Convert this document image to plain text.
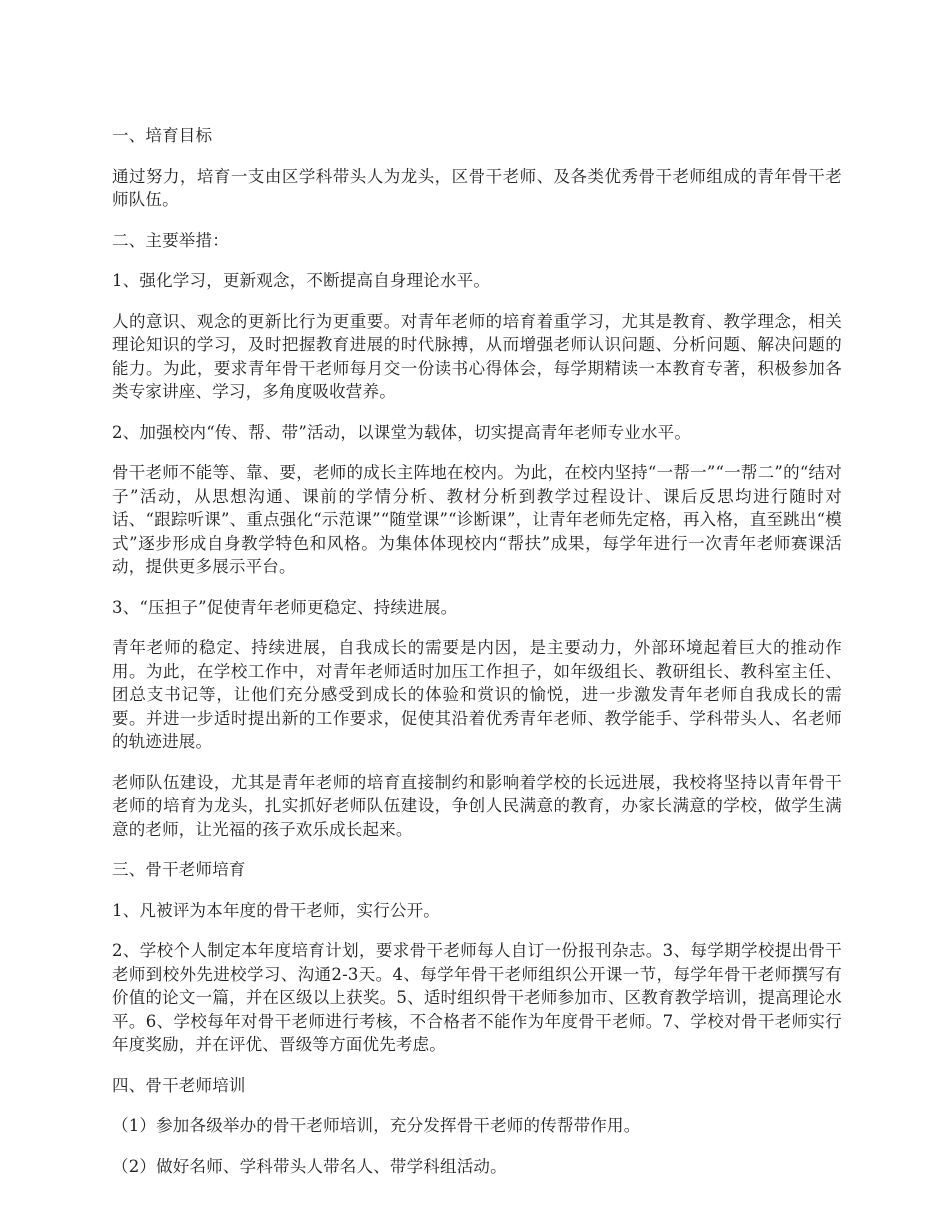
一、培育目标

通过努力，培育一支由区学科带头人为龙头，区骨干老师、及各类优秀骨干老师组成的青年骨干老师队伍。

二、主要举措：

1、强化学习，更新观念，不断提高自身理论水平。

人的意识、观念的更新比行为更重要。对青年老师的培育着重学习，尤其是教育、教学理念，相关理论知识的学习，及时把握教育进展的时代脉搏，从而增强老师认识问题、分析问题、解决问题的能力。为此，要求青年骨干老师每月交一份读书心得体会，每学期精读一本教育专著，积极参加各类专家讲座、学习，多角度吸收营养。

2、加强校内“传、帮、带”活动，以课堂为载体，切实提高青年老师专业水平。

骨干老师不能等、靠、要，老师的成长主阵地在校内。为此，在校内坚持“一帮一”“一帮二”的“结对子”活动，从思想沟通、课前的学情分析、教材分析到教学过程设计、课后反思均进行随时对话、“跟踪听课”、重点强化“示范课”“随堂课”“诊断课”，让青年老师先定格，再入格，直至跳出“模式”逐步形成自身教学特色和风格。为集体体现校内“帮扶”成果，每学年进行一次青年老师赛课活动，提供更多展示平台。

3、“压担子”促使青年老师更稳定、持续进展。

青年老师的稳定、持续进展，自我成长的需要是内因，是主要动力，外部环境起着巨大的推动作用。为此，在学校工作中，对青年老师适时加压工作担子，如年级组长、教研组长、教科室主任、团总支书记等，让他们充分感受到成长的体验和赏识的愉悦，进一步激发青年老师自我成长的需要。并进一步适时提出新的工作要求，促使其沿着优秀青年老师、教学能手、学科带头人、名老师的轨迹进展。

老师队伍建设，尤其是青年老师的培育直接制约和影响着学校的长远进展，我校将坚持以青年骨干老师的培育为龙头，扎实抓好老师队伍建设，争创人民满意的教育，办家长满意的学校，做学生满意的老师，让光福的孩子欢乐成长起来。

三、骨干老师培育

1、凡被评为本年度的骨干老师，实行公开。

2、学校个人制定本年度培育计划，要求骨干老师每人自订一份报刊杂志。3、每学期学校提出骨干老师到校外先进校学习、沟通2-3天。4、每学年骨干老师组织公开课一节，每学年骨干老师撰写有价值的论文一篇，并在区级以上获奖。5、适时组织骨干老师参加市、区教育教学培训，提高理论水平。6、学校每年对骨干老师进行考核，不合格者不能作为年度骨干老师。7、学校对骨干老师实行年度奖励，并在评优、晋级等方面优先考虑。

四、骨干老师培训

（1）参加各级举办的骨干老师培训，充分发挥骨干老师的传帮带作用。

（2）做好名师、学科带头人带名人、带学科组活动。
